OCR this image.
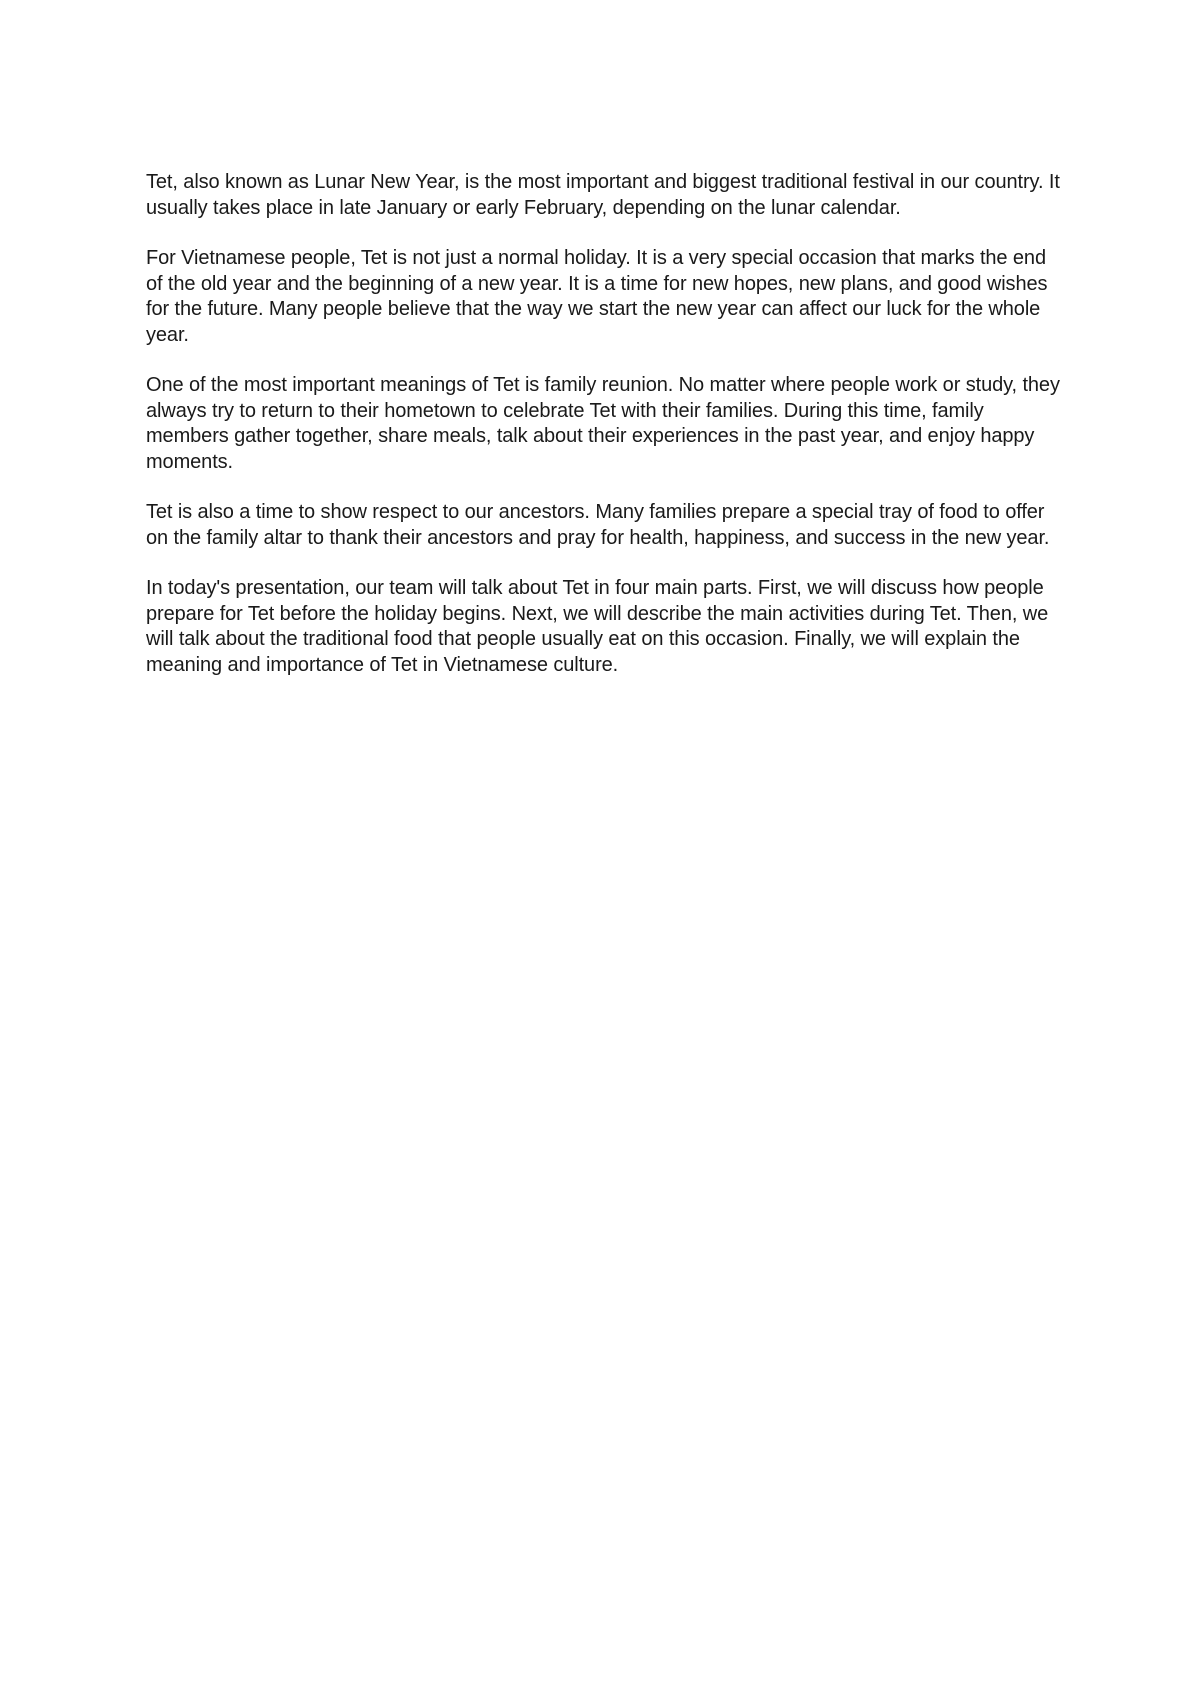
Tet, also known as Lunar New Year, is the most important and biggest traditional festival in our country. It usually takes place in late January or early February, depending on the lunar calendar.

For Vietnamese people, Tet is not just a normal holiday. It is a very special occasion that marks the end of the old year and the beginning of a new year. It is a time for new hopes, new plans, and good wishes for the future. Many people believe that the way we start the new year can affect our luck for the whole year.

One of the most important meanings of Tet is family reunion. No matter where people work or study, they always try to return to their hometown to celebrate Tet with their families. During this time, family members gather together, share meals, talk about their experiences in the past year, and enjoy happy moments.

Tet is also a time to show respect to our ancestors. Many families prepare a special tray of food to offer on the family altar to thank their ancestors and pray for health, happiness, and success in the new year.

In today's presentation, our team will talk about Tet in four main parts. First, we will discuss how people prepare for Tet before the holiday begins. Next, we will describe the main activities during Tet. Then, we will talk about the traditional food that people usually eat on this occasion. Finally, we will explain the meaning and importance of Tet in Vietnamese culture.
